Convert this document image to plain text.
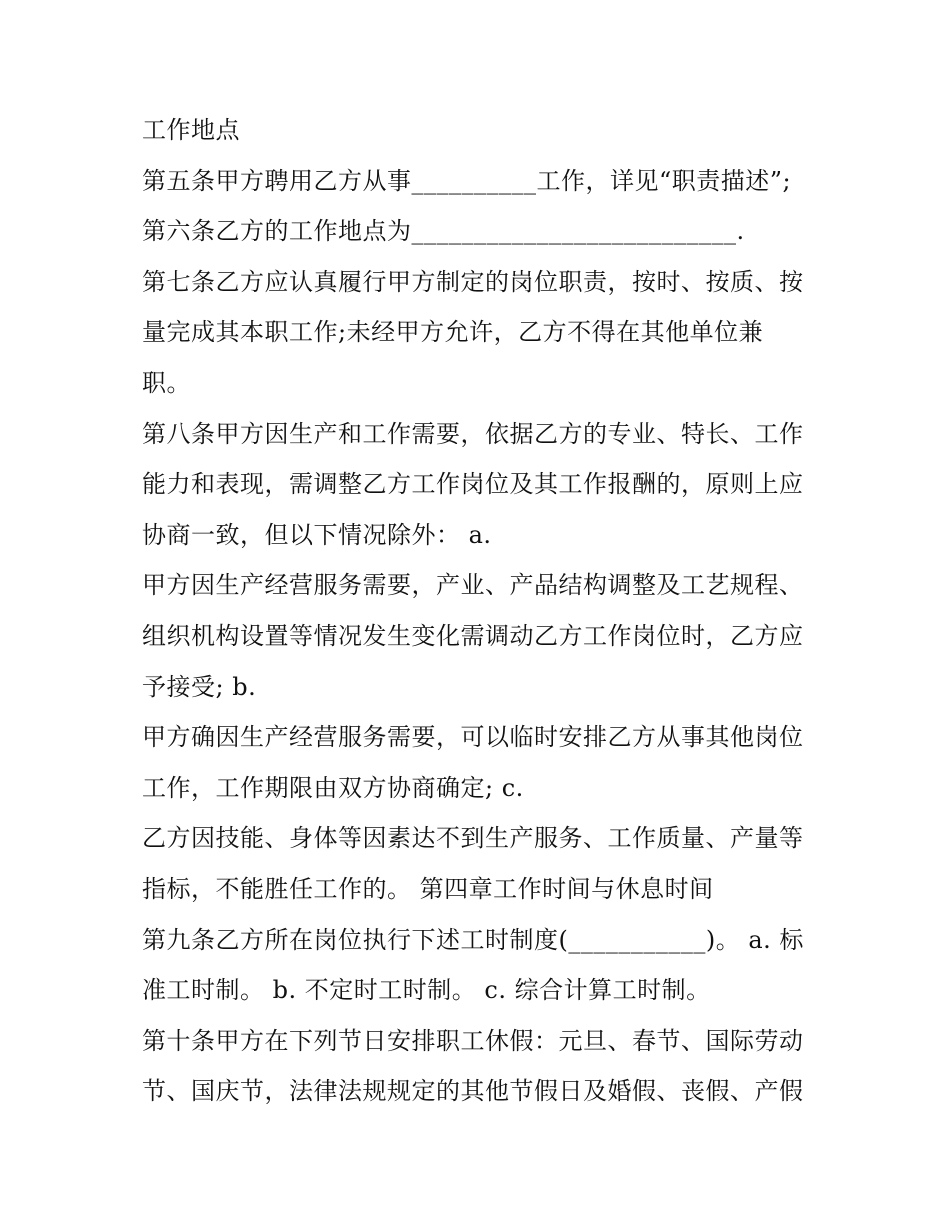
工作地点
第五条甲方聘用乙方从事__________工作，详见“职责描述”;
第六条乙方的工作地点为__________________________.
第七条乙方应认真履行甲方制定的岗位职责，按时、按质、按
量完成其本职工作;未经甲方允许，乙方不得在其他单位兼
职。
第八条甲方因生产和工作需要，依据乙方的专业、特长、工作
能力和表现，需调整乙方工作岗位及其工作报酬的，原则上应
协商一致，但以下情况除外： a.
甲方因生产经营服务需要，产业、产品结构调整及工艺规程、
组织机构设置等情况发生变化需调动乙方工作岗位时，乙方应
予接受; b.
甲方确因生产经营服务需要，可以临时安排乙方从事其他岗位
工作，工作期限由双方协商确定; c.
乙方因技能、身体等因素达不到生产服务、工作质量、产量等
指标，不能胜任工作的。 第四章工作时间与休息时间
第九条乙方所在岗位执行下述工时制度(___________)。 a. 标
准工时制。 b. 不定时工时制。 c. 综合计算工时制。
第十条甲方在下列节日安排职工休假：元旦、春节、国际劳动
节、国庆节，法律法规规定的其他节假日及婚假、丧假、产假
